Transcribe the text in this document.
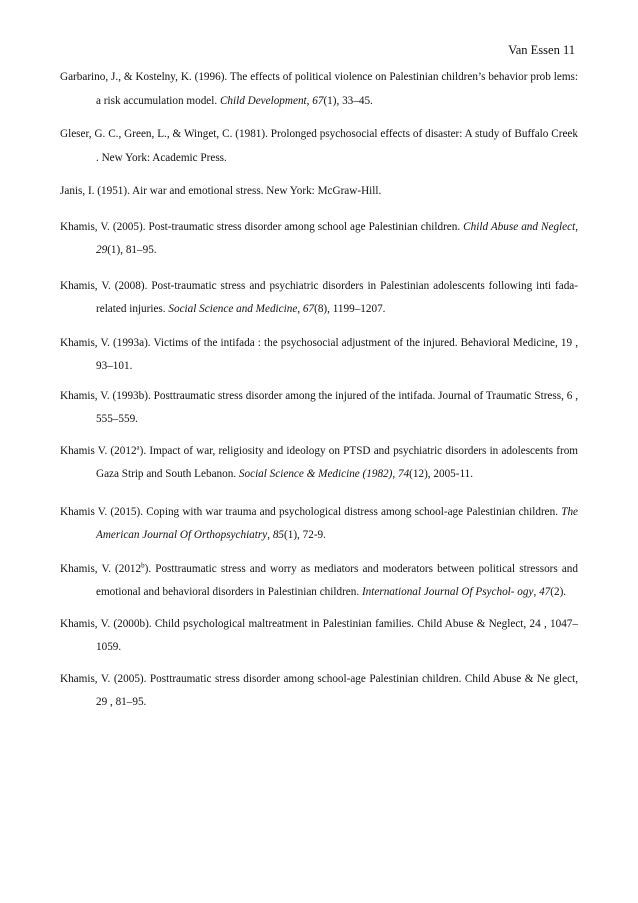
Van Essen 11
Garbarino, J., & Kostelny, K. (1996). The effects of political violence on Palestinian children’s behavior prob lems: a risk accumulation model. Child Development, 67(1), 33–45.
Gleser, G. C., Green, L., & Winget, C. (1981). Prolonged psychosocial effects of disaster: A study of Buffalo Creek . New York: Academic Press.
Janis, I. (1951). Air war and emotional stress. New York: McGraw-Hill.
Khamis, V. (2005). Post-traumatic stress disorder among school age Palestinian children. Child Abuse and Neglect, 29(1), 81–95.
Khamis, V. (2008). Post-traumatic stress and psychiatric disorders in Palestinian adolescents following inti fada-related injuries. Social Science and Medicine, 67(8), 1199–1207.
Khamis, V. (1993a). Victims of the intifada : the psychosocial adjustment of the injured. Behavioral Medicine, 19 , 93–101.
Khamis, V. (1993b). Posttraumatic stress disorder among the injured of the intifada. Journal of Traumatic Stress, 6 , 555–559.
Khamis V. (2012$^a$). Impact of war, religiosity and ideology on PTSD and psychiatric disorders in adolescents from Gaza Strip and South Lebanon. Social Science & Medicine (1982), 74(12), 2005-11.
Khamis V. (2015). Coping with war trauma and psychological distress among school-age Palestinian children. The American Journal Of Orthopsychiatry, 85(1), 72-9.
Khamis, V. (2012$^b$). Posttraumatic stress and worry as mediators and moderators between political stressors and emotional and behavioral disorders in Palestinian children. International Journal Of Psychol- ogy, 47(2).
Khamis, V. (2000b). Child psychological maltreatment in Palestinian families. Child Abuse & Neglect, 24 , 1047–1059.
Khamis, V. (2005). Posttraumatic stress disorder among school-age Palestinian children. Child Abuse & Ne glect, 29 , 81–95.
